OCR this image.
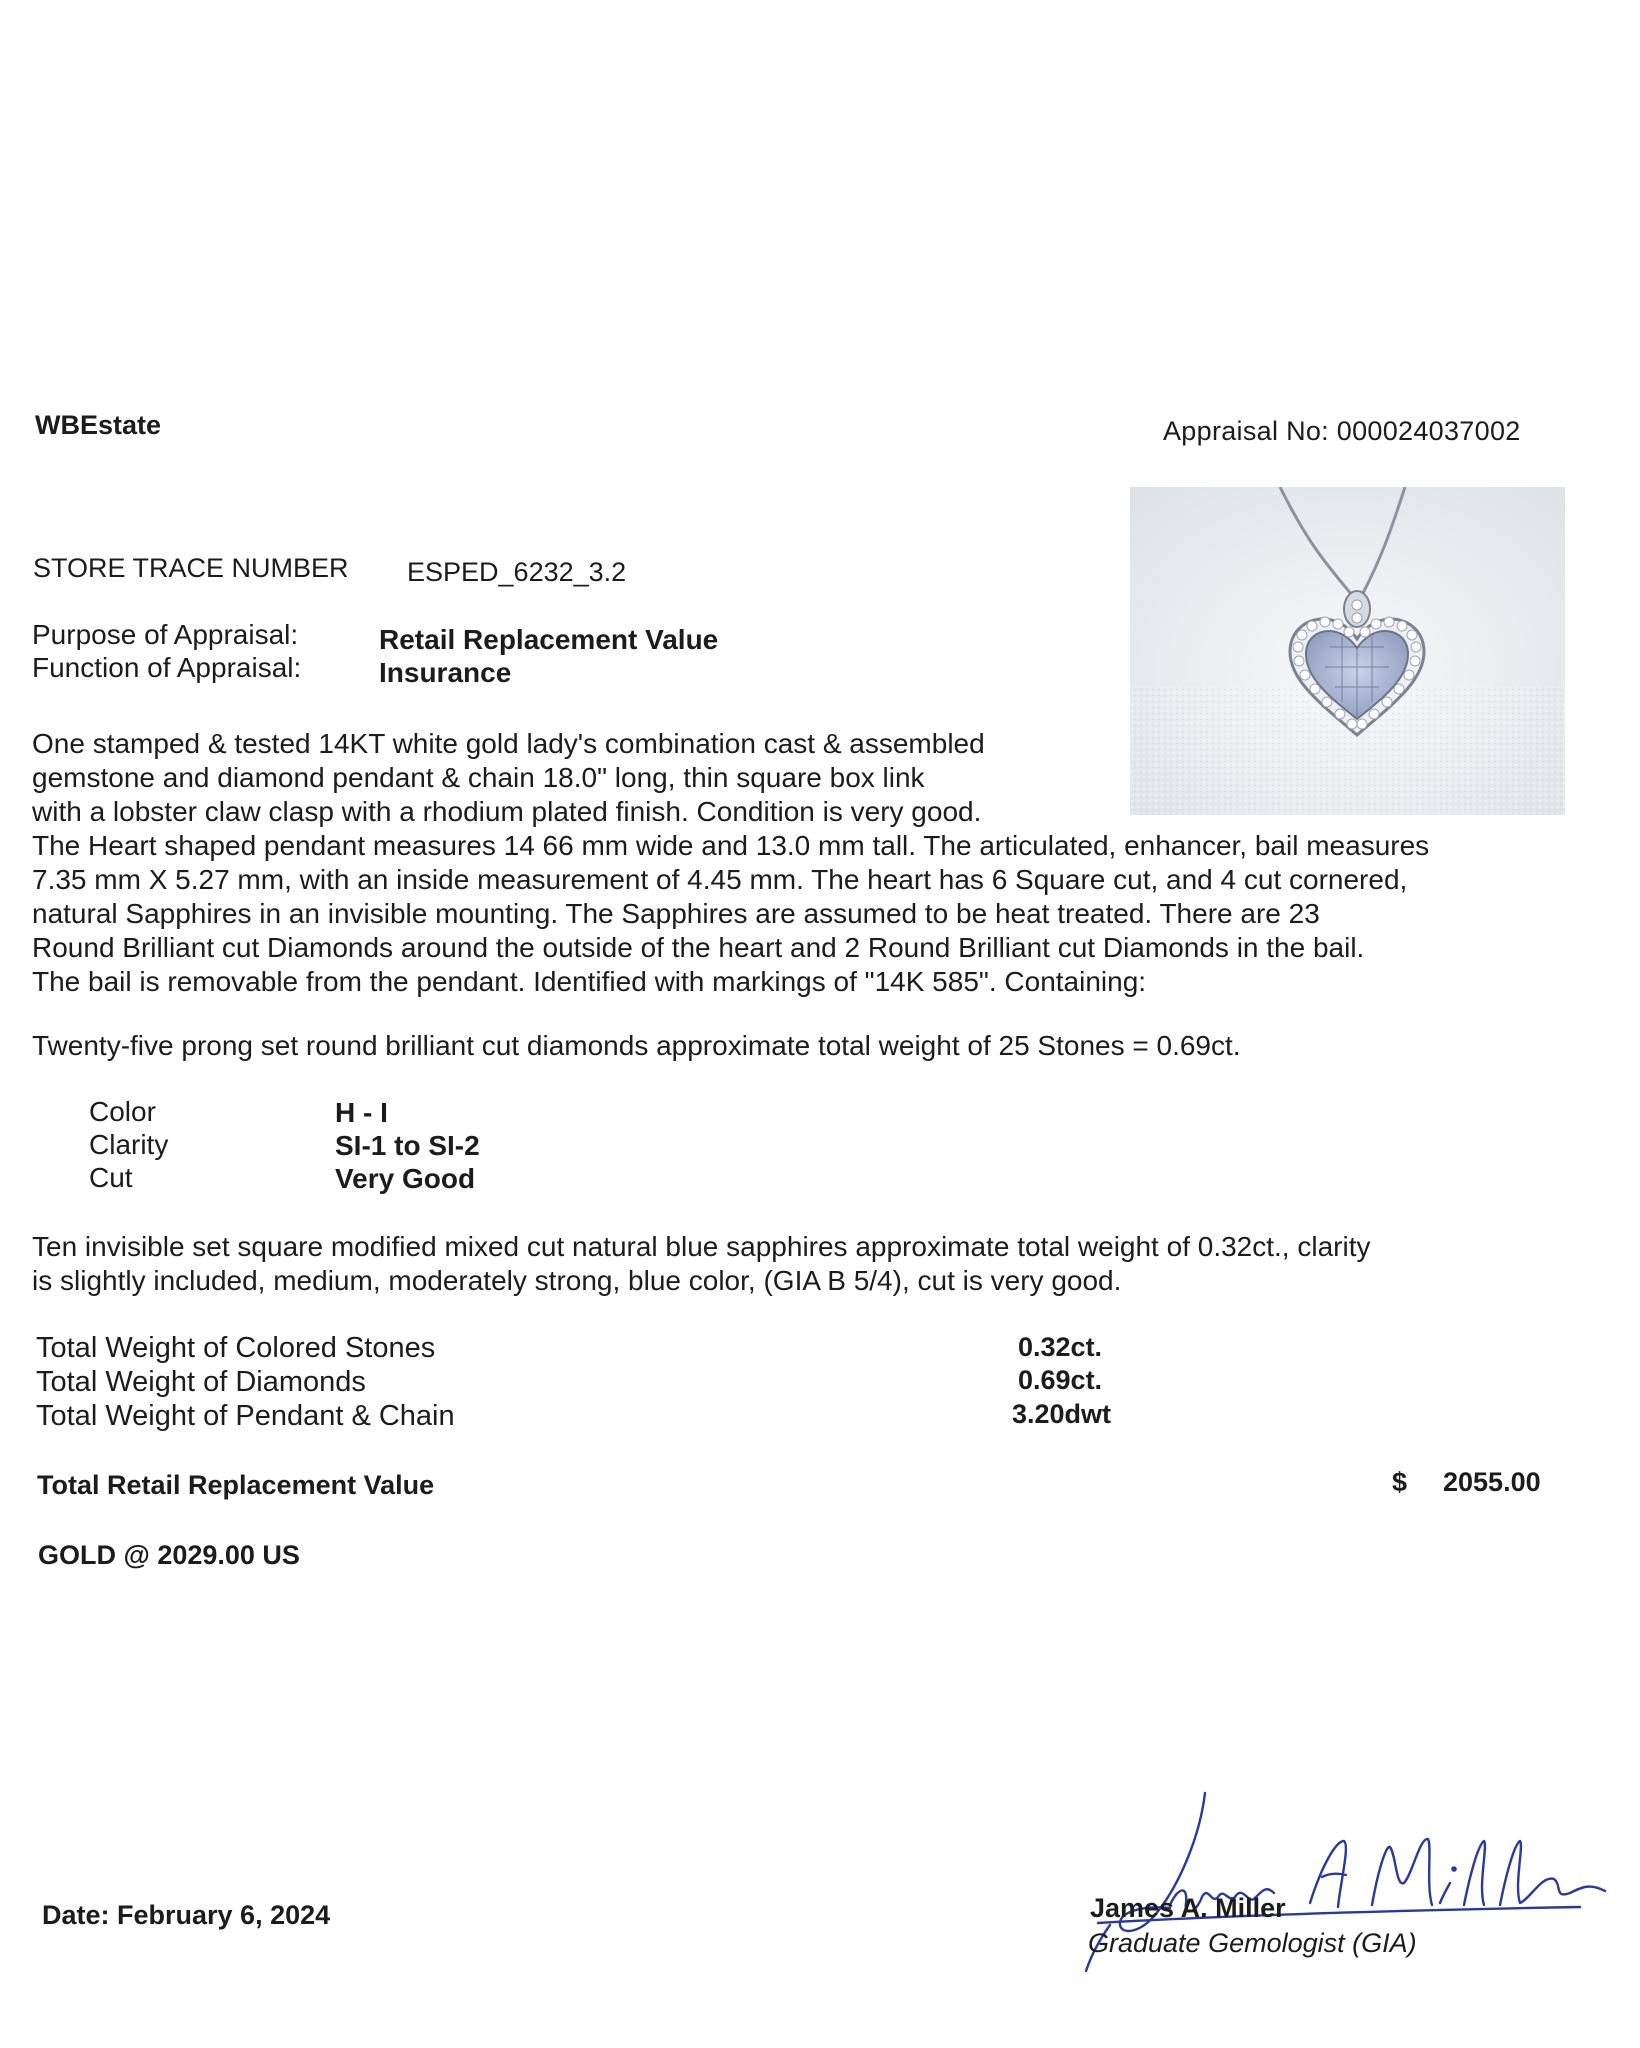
WBEstate	Appraisal No: 000024037002
STORE TRACE NUMBER ESPED_6232_3.2
Purpose of Appraisal:	Retail Replacement Value
Function of Appraisal:	Insurance
One stamped & tested 14KT white gold lady's combination cast & assembled
gemstone and diamond pendant & chain 18.0" long, thin square box link
with a lobster claw clasp with a rhodium plated finish. Condition is very good.
The Heart shaped pendant measures 14 66 mm wide and 13.0 mm tall. The articulated, enhancer, bail measures
7.35 mm X 5.27 mm, with an inside measurement of 4.45 mm. The heart has 6 Square cut, and 4 cut cornered,
natural Sapphires in an invisible mounting. The Sapphires are assumed to be heat treated. There are 23
Round Brilliant cut Diamonds around the outside of the heart and 2 Round Brilliant cut Diamonds in the bail.
The bail is removable from the pendant. Identified with markings of "14K 585". Containing:
Twenty-five prong set round brilliant cut diamonds approximate total weight of 25 Stones = 0.69ct.
Color	H - I
Clarity	SI-1 to SI-2
Cut	Very Good
Ten invisible set square modified mixed cut natural blue sapphires approximate total weight of 0.32ct., clarity
is slightly included, medium, moderately strong, blue color, (GIA B 5/4), cut is very good.
Total Weight of Colored Stones	0.32ct.
Total Weight of Diamonds	0.69ct.
Total Weight of Pendant & Chain	3.20dwt
Total Retail Replacement Value	$ 2055.00
GOLD @ 2029.00 US
Date: February 6, 2024	James A. Miller
Graduate Gemologist (GIA)
